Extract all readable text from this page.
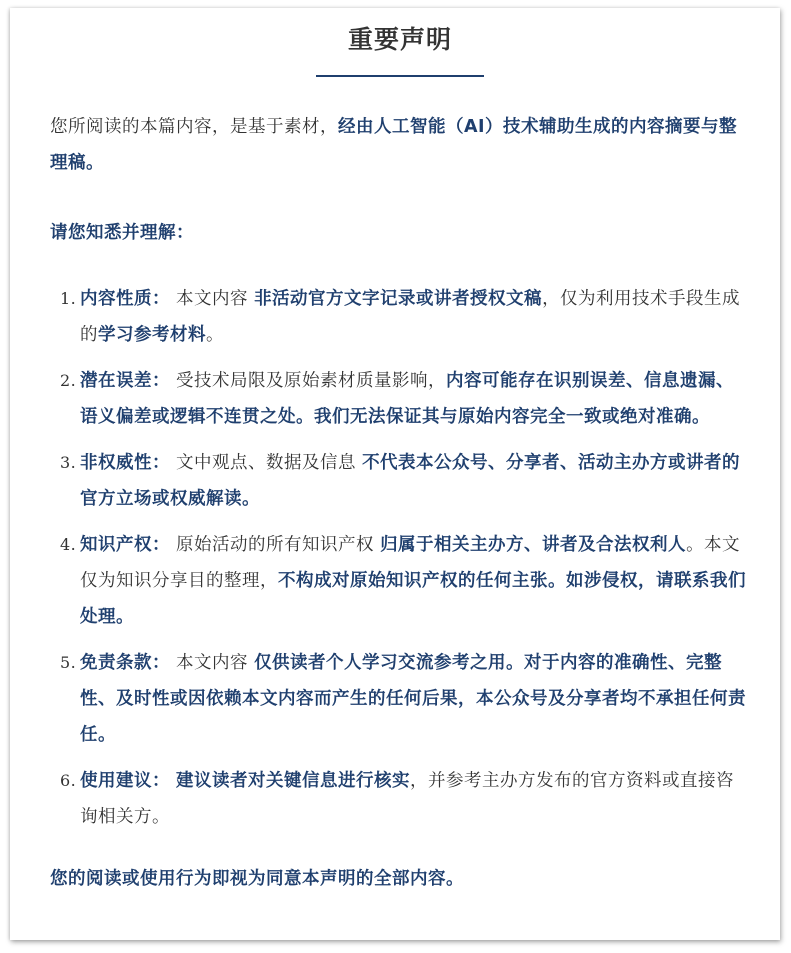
重要声明
您所阅读的本篇内容，是基于素材，经由人工智能（AI）技术辅助生成的内容摘要与整理稿。
请您知悉并理解：
1. 内容性质： 本文内容 非活动官方文字记录或讲者授权文稿，仅为利用技术手段生成的学习参考材料。
2. 潜在误差： 受技术局限及原始素材质量影响，内容可能存在识别误差、信息遗漏、语义偏差或逻辑不连贯之处。我们无法保证其与原始内容完全一致或绝对准确。
3. 非权威性： 文中观点、数据及信息 不代表本公众号、分享者、活动主办方或讲者的官方立场或权威解读。
4. 知识产权： 原始活动的所有知识产权 归属于相关主办方、讲者及合法权利人。本文仅为知识分享目的整理，不构成对原始知识产权的任何主张。如涉侵权，请联系我们处理。
5. 免责条款： 本文内容 仅供读者个人学习交流参考之用。对于内容的准确性、完整性、及时性或因依赖本文内容而产生的任何后果，本公众号及分享者均不承担任何责任。
6. 使用建议： 建议读者对关键信息进行核实，并参考主办方发布的官方资料或直接咨询相关方。
您的阅读或使用行为即视为同意本声明的全部内容。
